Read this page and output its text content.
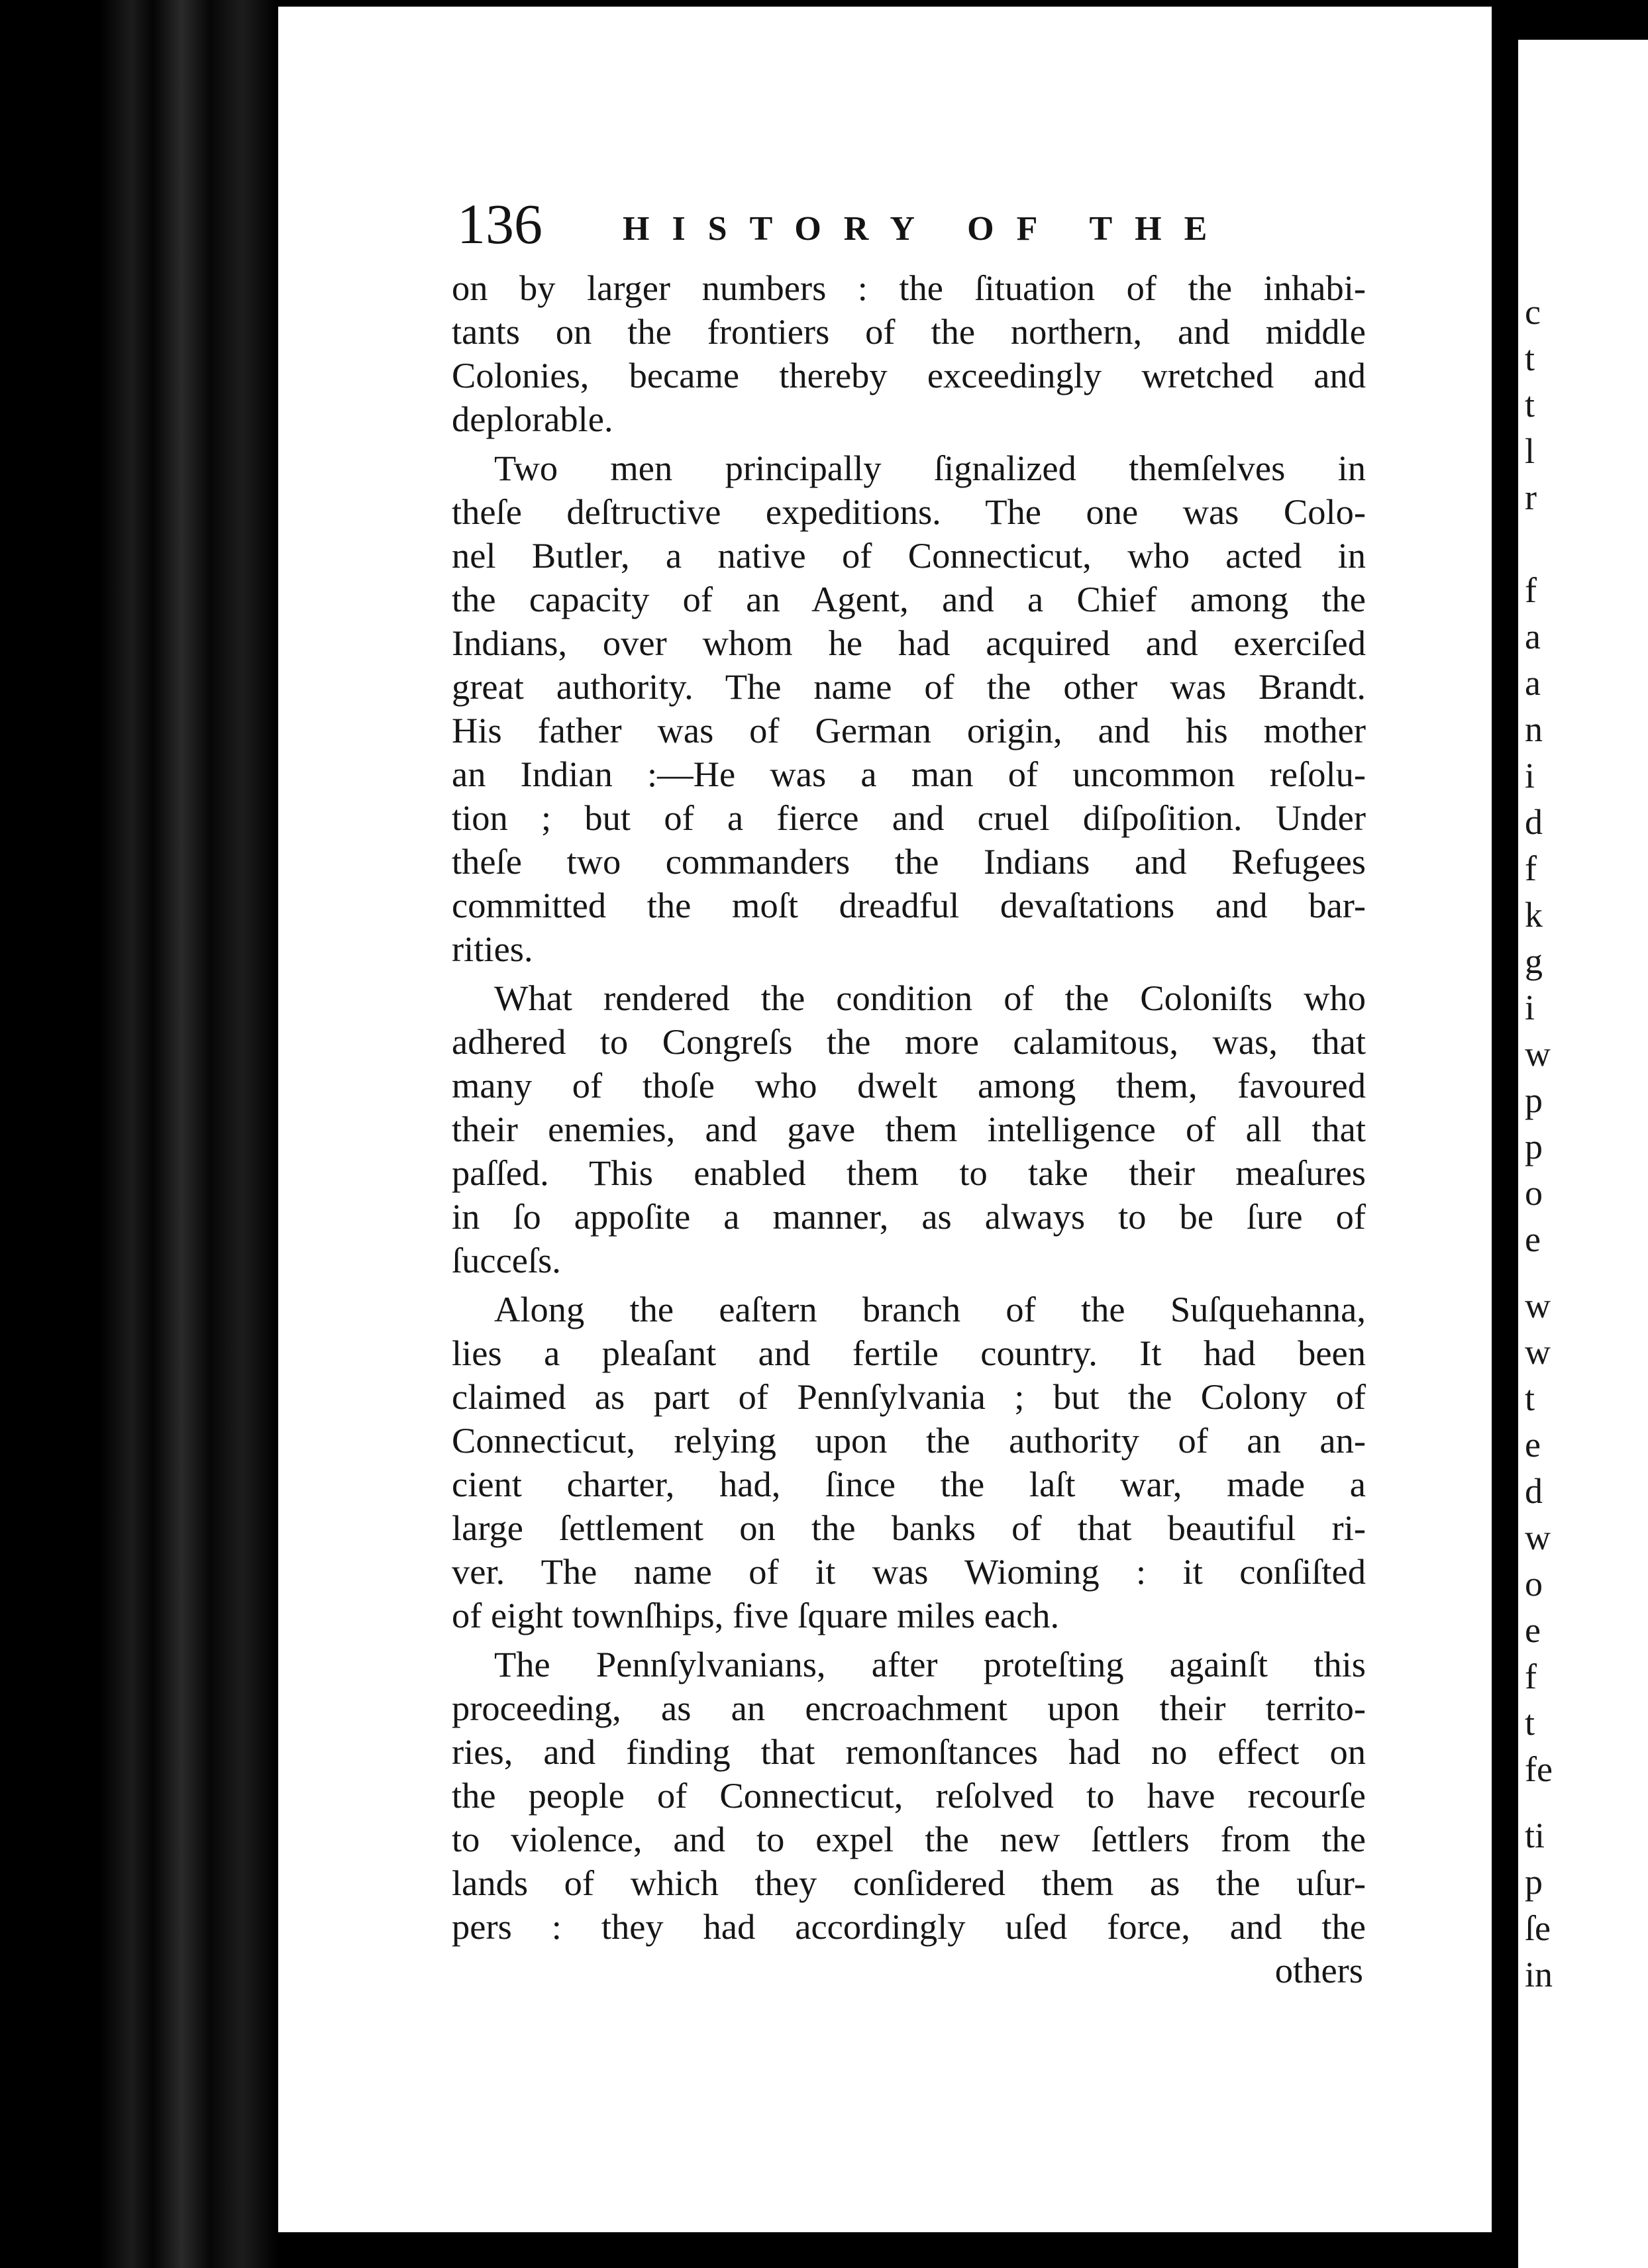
136 HISTORY OF THE
on by larger numbers : the ſituation of the inhabi-
tants on the frontiers of the northern, and middle
Colonies, became thereby exceedingly wretched and
deplorable.
Two men principally ſignalized themſelves in
theſe deſtructive expeditions. The one was Colo-
nel Butler, a native of Connecticut, who acted in
the capacity of an Agent, and a Chief among the
Indians, over whom he had acquired and exerciſed
great authority. The name of the other was Brandt.
His father was of German origin, and his mother
an Indian :—He was a man of uncommon reſolu-
tion ; but of a fierce and cruel diſpoſition. Under
theſe two commanders the Indians and Refugees
committed the moſt dreadful devaſtations and bar-
rities.
What rendered the condition of the Coloniſts who
adhered to Congreſs the more calamitous, was, that
many of thoſe who dwelt among them, favoured
their enemies, and gave them intelligence of all that
paſſed. This enabled them to take their meaſures
in ſo appoſite a manner, as always to be ſure of
ſucceſs.
Along the eaſtern branch of the Suſquehanna,
lies a pleaſant and fertile country. It had been
claimed as part of Pennſylvania ; but the Colony of
Connecticut, relying upon the authority of an an-
cient charter, had, ſince the laſt war, made a
large ſettlement on the banks of that beautiful ri-
ver. The name of it was Wioming : it conſiſted
of eight townſhips, five ſquare miles each.
The Pennſylvanians, after proteſting againſt this
proceeding, as an encroachment upon their territo-
ries, and finding that remonſtances had no effect on
the people of Connecticut, reſolved to have recourſe
to violence, and to expel the new ſettlers from the
lands of which they conſidered them as the uſur-
pers : they had accordingly uſed force, and the
others
c
t
t
l
r
f
a
a
n
i
d
f
k
g
i
w
p
p
o
e
w
w
t
e
d
w
o
e
f
t
fe
ti
p
ſe
in
